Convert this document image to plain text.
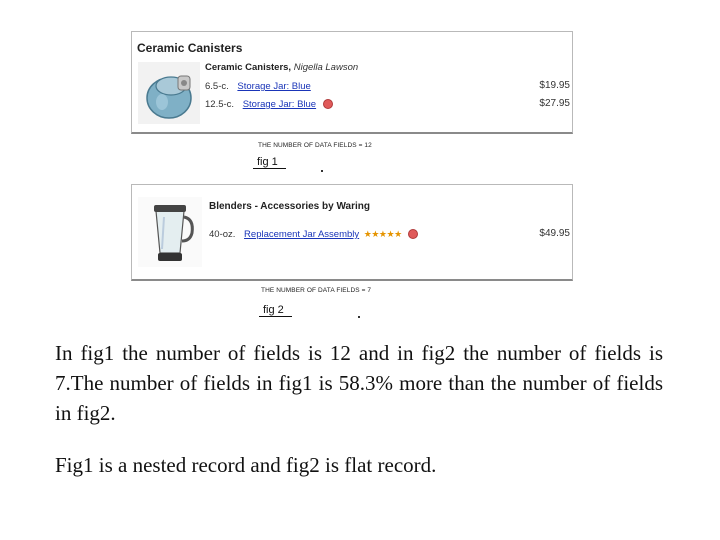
Ceramic Canisters
Ceramic Canisters, Nigella Lawson
6.5-c. Storage Jar: Blue	$19.95
12.5-c. Storage Jar: Blue	$27.95
THE NUMBER OF DATA FIELDS = 12
fig 1
Blenders - Accessories by Waring
40-oz. Replacement Jar Assembly ★★★★★	$49.95
THE NUMBER OF DATA FIELDS = 7
fig 2

In fig1 the number of fields is 12 and in fig2 the number of fields is 7.The number of fields in fig1 is 58.3% more than the number of fields in fig2.

Fig1 is a nested record and fig2 is flat record.
